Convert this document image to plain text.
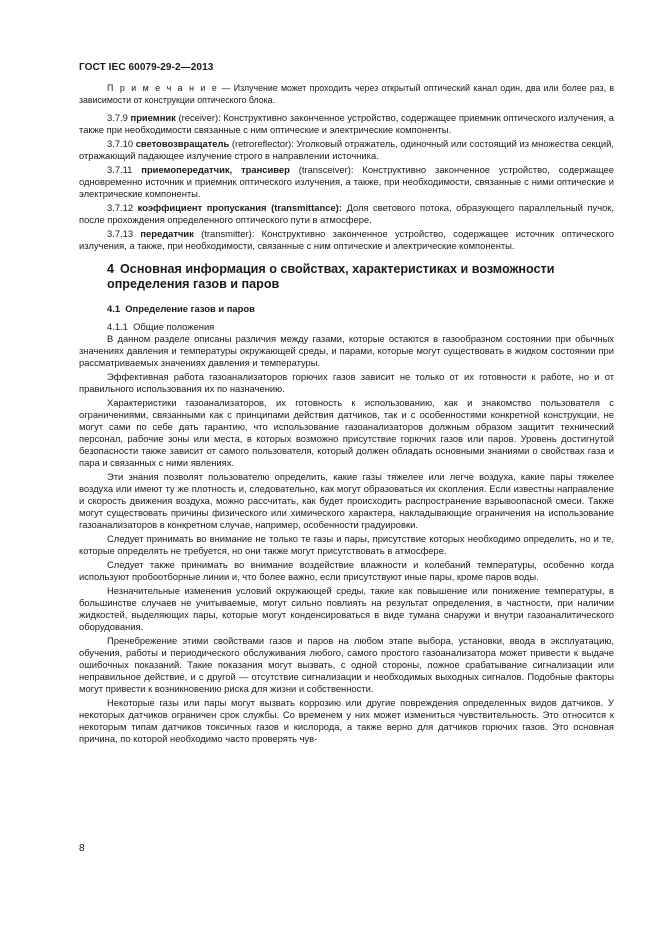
ГОСТ IEC 60079-29-2—2013

П р и м е ч а н и е — Излучение может проходить через открытый оптический канал один, два или более раз, в зависимости от конструкции оптического блока.

3.7.9 приемник (receiver): Конструктивно законченное устройство, содержащее приемник оптического излучения, а также при необходимости связанные с ним оптические и электрические компоненты.

3.7.10 световозвращатель (retroreflector): Уголковый отражатель, одиночный или состоящий из множества секций, отражающий падающее излучение строго в направлении источника.

3.7.11 приемопередатчик, трансивер (transceiver): Конструктивно законченное устройство, содержащее одновременно источник и приемник оптического излучения, а также, при необходимости, связанные с ними оптические и электрические компоненты.

3.7.12 коэффициент пропускания (transmittance): Доля светового потока, образующего параллельный пучок, после прохождения определенного оптического пути в атмосфере.

3.7.13 передатчик (transmitter): Конструктивно законченное устройство, содержащее источник оптического излучения, а также, при необходимости, связанные с ним оптические и электрические компоненты.

4 Основная информация о свойствах, характеристиках и возможности определения газов и паров

4.1 Определение газов и паров

4.1.1 Общие положения

В данном разделе описаны различия между газами, которые остаются в газообразном состоянии при обычных значениях давления и температуры окружающей среды, и парами, которые могут существовать в жидком состоянии при рассматриваемых значениях давления и температуры.

Эффективная работа газоанализаторов горючих газов зависит не только от их готовности к работе, но и от правильного использования их по назначению.

Характеристики газоанализаторов, их готовность к использованию, как и знакомство пользователя с ограничениями, связанными как с принципами действия датчиков, так и с особенностями конкретной конструкции, не могут сами по себе дать гарантию, что использование газоанализаторов должным образом защитит технический персонал, рабочие зоны или места, в которых возможно присутствие горючих газов или паров. Уровень достигнутой безопасности также зависит от самого пользователя, который должен обладать основными знаниями о свойствах газа и пара и связанных с ними явлениях.

Эти знания позволят пользователю определить, какие газы тяжелее или легче воздуха, какие пары тяжелее воздуха или имеют ту же плотность и, следовательно, как могут образоваться их скопления. Если известны направление и скорость движения воздуха, можно рассчитать, как будет происходить распространение взрывоопасной смеси. Также могут существовать причины физического или химического характера, накладывающие ограничения на использование газоанализаторов в конкретном случае, например, особенности градуировки.

Следует принимать во внимание не только те газы и пары, присутствие которых необходимо определить, но и те, которые определять не требуется, но они также могут присутствовать в атмосфере.

Следует также принимать во внимание воздействие влажности и колебаний температуры, особенно когда используют пробоотборные линии и, что более важно, если присутствуют иные пары, кроме паров воды.

Незначительные изменения условий окружающей среды, такие как повышение или понижение температуры, в большинстве случаев не учитываемые, могут сильно повлиять на результат определения, в частности, при наличии жидкостей, выделяющих пары, которые могут конденсироваться в виде тумана снаружи и внутри газоаналитического оборудования.

Пренебрежение этими свойствами газов и паров на любом этапе выбора, установки, ввода в эксплуатацию, обучения, работы и периодического обслуживания любого, самого простого газоанализатора может привести к выдаче ошибочных показаний. Такие показания могут вызвать, с одной стороны, ложное срабатывание сигнализации или неправильное действие, и с другой — отсутствие сигнализации и необходимых выходных сигналов. Подобные факторы могут привести к возникновению риска для жизни и собственности.

Некоторые газы или пары могут вызвать коррозию или другие повреждения определенных видов датчиков. У некоторых датчиков ограничен срок службы. Со временем у них может измениться чувствительность. Это относится к некоторым типам датчиков токсичных газов и кислорода, а также верно для датчиков горючих газов. Это основная причина, по которой необходимо часто проверять чув-

8
